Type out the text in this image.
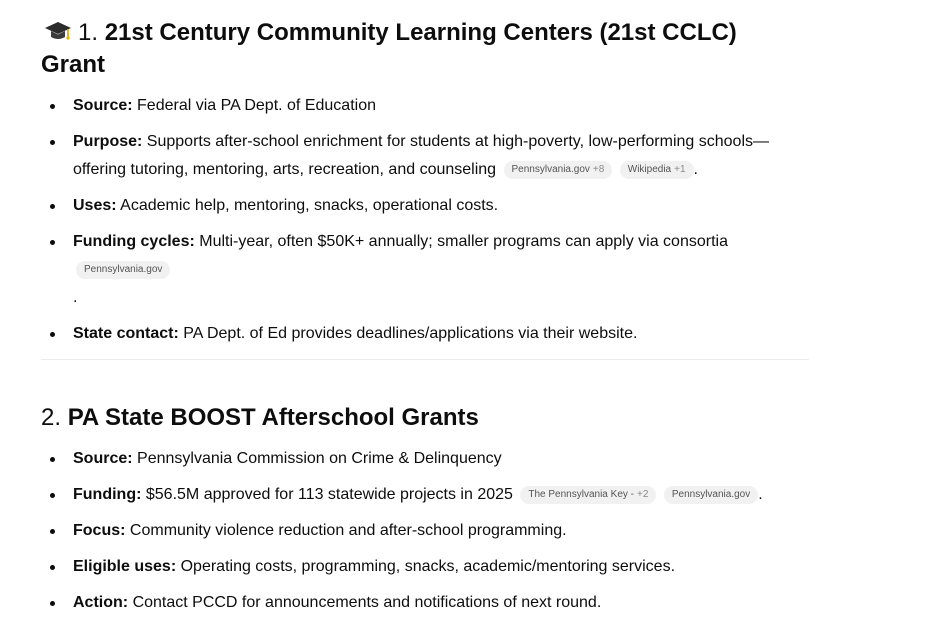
1. 21st Century Community Learning Centers (21st CCLC) Grant
Source: Federal via PA Dept. of Education
Purpose: Supports after-school enrichment for students at high-poverty, low-performing schools—offering tutoring, mentoring, arts, recreation, and counseling Pennsylvania.gov +8 Wikipedia +1 .
Uses: Academic help, mentoring, snacks, operational costs.
Funding cycles: Multi-year, often $50K+ annually; smaller programs can apply via consortia Pennsylvania.gov
.
State contact: PA Dept. of Ed provides deadlines/applications via their website.
2. PA State BOOST Afterschool Grants
Source: Pennsylvania Commission on Crime & Delinquency
Funding: $56.5M approved for 113 statewide projects in 2025 The Pennsylvania Key - +2 Pennsylvania.gov .
Focus: Community violence reduction and after-school programming.
Eligible uses: Operating costs, programming, snacks, academic/mentoring services.
Action: Contact PCCD for announcements and notifications of next round.
